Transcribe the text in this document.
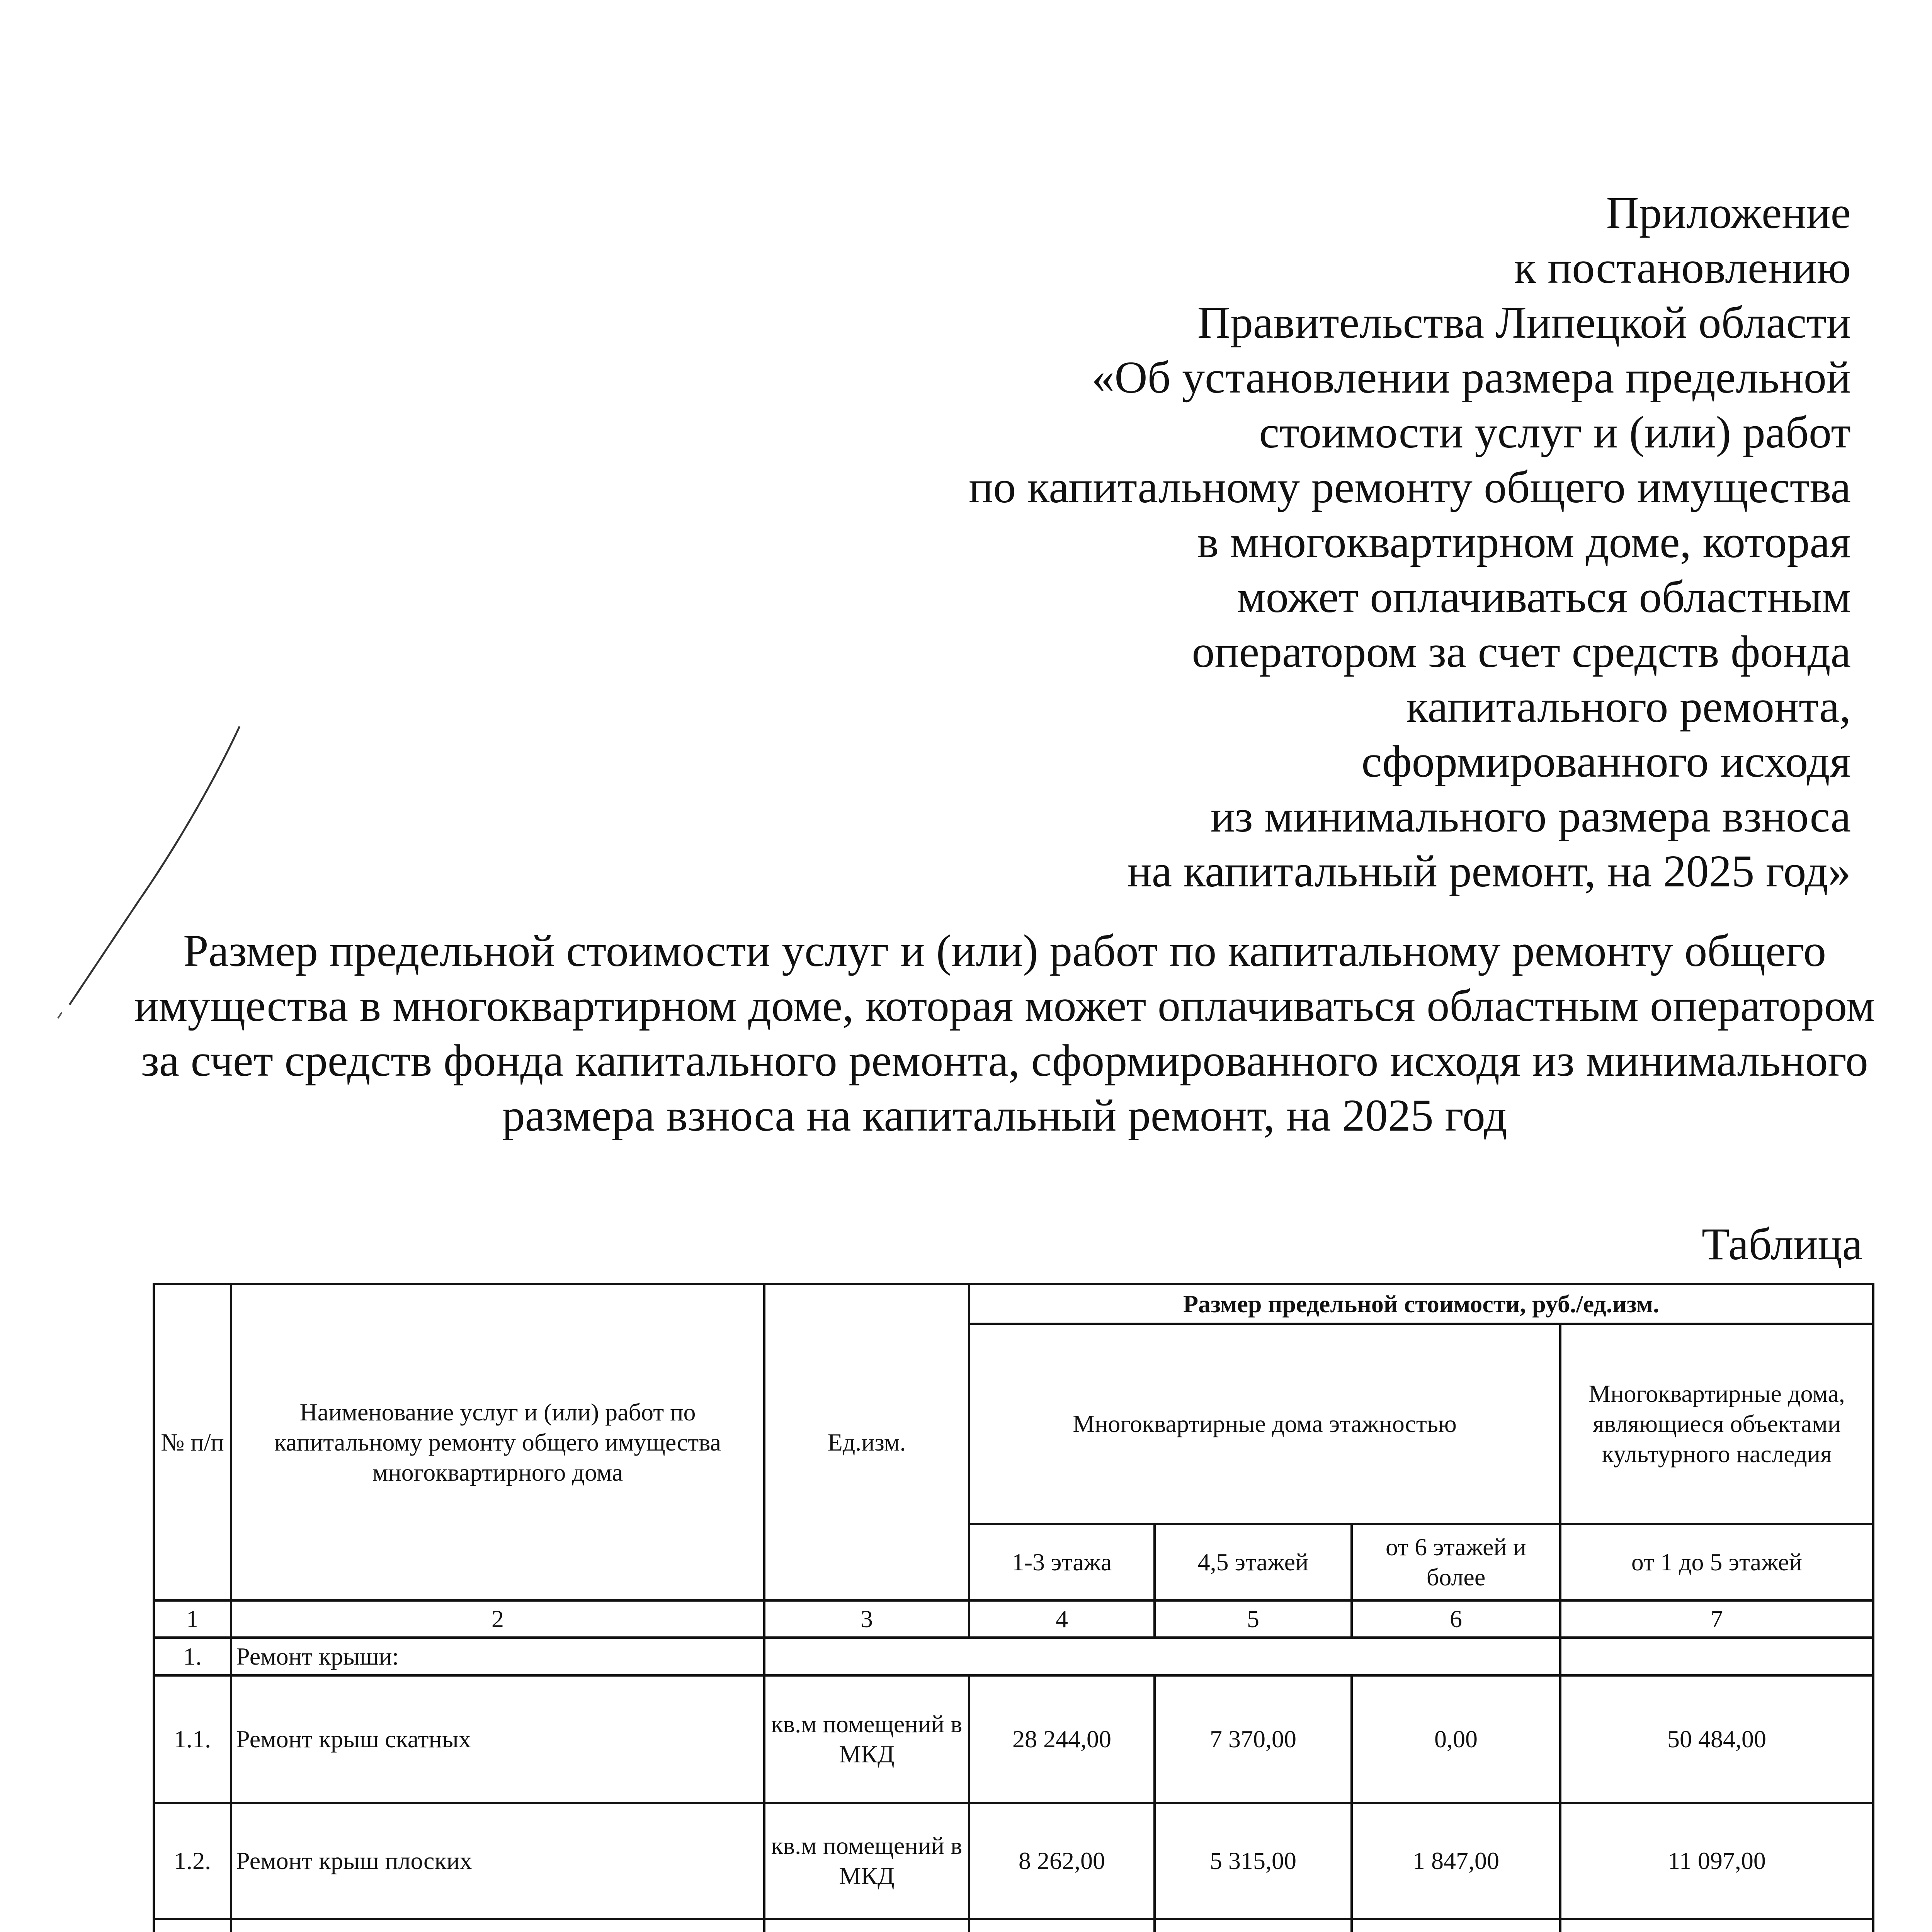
Приложение
к постановлению
Правительства Липецкой области
«Об установлении размера предельной
стоимости услуг и (или) работ
по капитальному ремонту общего имущества
в многоквартирном доме, которая
может оплачиваться областным
оператором за счет средств фонда
капитального ремонта,
сформированного исходя
из минимального размера взноса
на капитальный ремонт, на 2025 год»
Размер предельной стоимости услуг и (или) работ по капитальному ремонту общего
имущества в многоквартирном доме, которая может оплачиваться областным оператором
за счет средств фонда капитального ремонта, сформированного исходя из минимального
размера взноса на капитальный ремонт, на 2025 год
Таблица
№ п/п	Наименование услуг и (или) работ по капитальному ремонту общего имущества многоквартирного дома	Ед.изм.	Размер предельной стоимости, руб./ед.изм.			
			Многоквартирные дома этажностью			Многоквартирные дома, являющиеся объектами культурного наследия
			1-3 этажа	4,5 этажей	от 6 этажей и более	от 1 до 5 этажей
1	2	3	4	5	6	7
1.	Ремонт крыши:					
1.1.	Ремонт крыш скатных	кв.м помещений в МКД	28 244,00	7 370,00	0,00	50 484,00
1.2.	Ремонт крыш плоских	кв.м помещений в МКД	8 262,00	5 315,00	1 847,00	11 097,00
